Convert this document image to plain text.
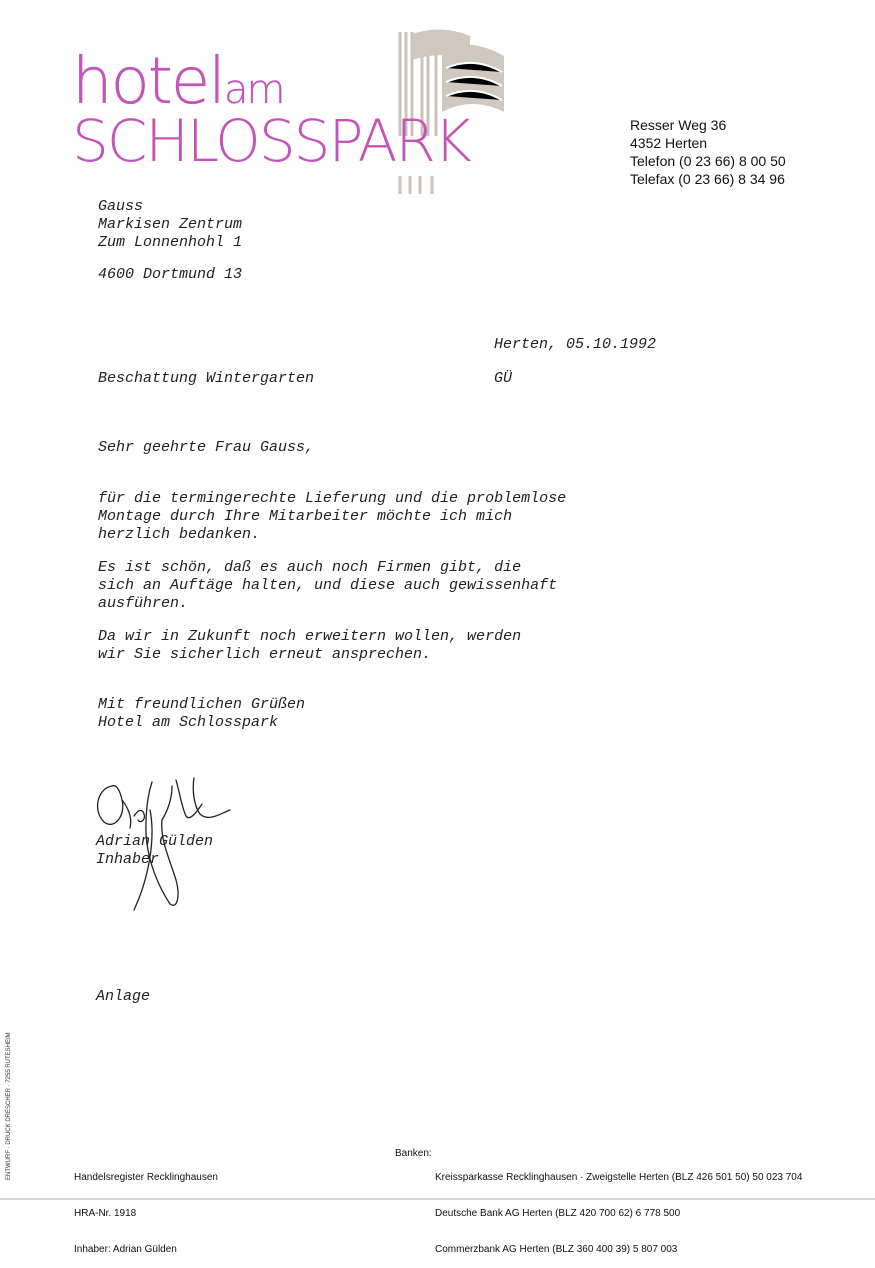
hotelam
SCHLOSSPARK	Resser Weg 36
4352 Herten
Telefon (0 23 66) 8 00 50
Telefax (0 23 66) 8 34 96
Gauss
Markisen Zentrum
Zum Lonnenhohl 1
4600 Dortmund 13
Herten, 05.10.1992
Beschattung Wintergarten	GÜ
Sehr geehrte Frau Gauss,
für die termingerechte Lieferung und die problemlose
Montage durch Ihre Mitarbeiter möchte ich mich
herzlich bedanken.
Es ist schön, daß es auch noch Firmen gibt, die
sich an Auftäge halten, und diese auch gewissenhaft
ausführen.
Da wir in Zukunft noch erweitern wollen, werden
wir Sie sicherlich erneut ansprechen.
Mit freundlichen Grüßen
Hotel am Schlosspark
Adrian Gülden
Inhaber
Anlage
ENTWURF · DRUCK DRESCHER · 7255 RUTESHEIM

	Handelsregister Recklinghausen

HRA-Nr. 1918

Inhaber: Adrian Gülden

Banken:

Kreissparkasse Recklinghausen · Zweigstelle Herten (BLZ 426 501 50) 50 023 704

Deutsche Bank AG Herten (BLZ 420 700 62) 6 778 500

Commerzbank AG Herten (BLZ 360 400 39) 5 807 003
